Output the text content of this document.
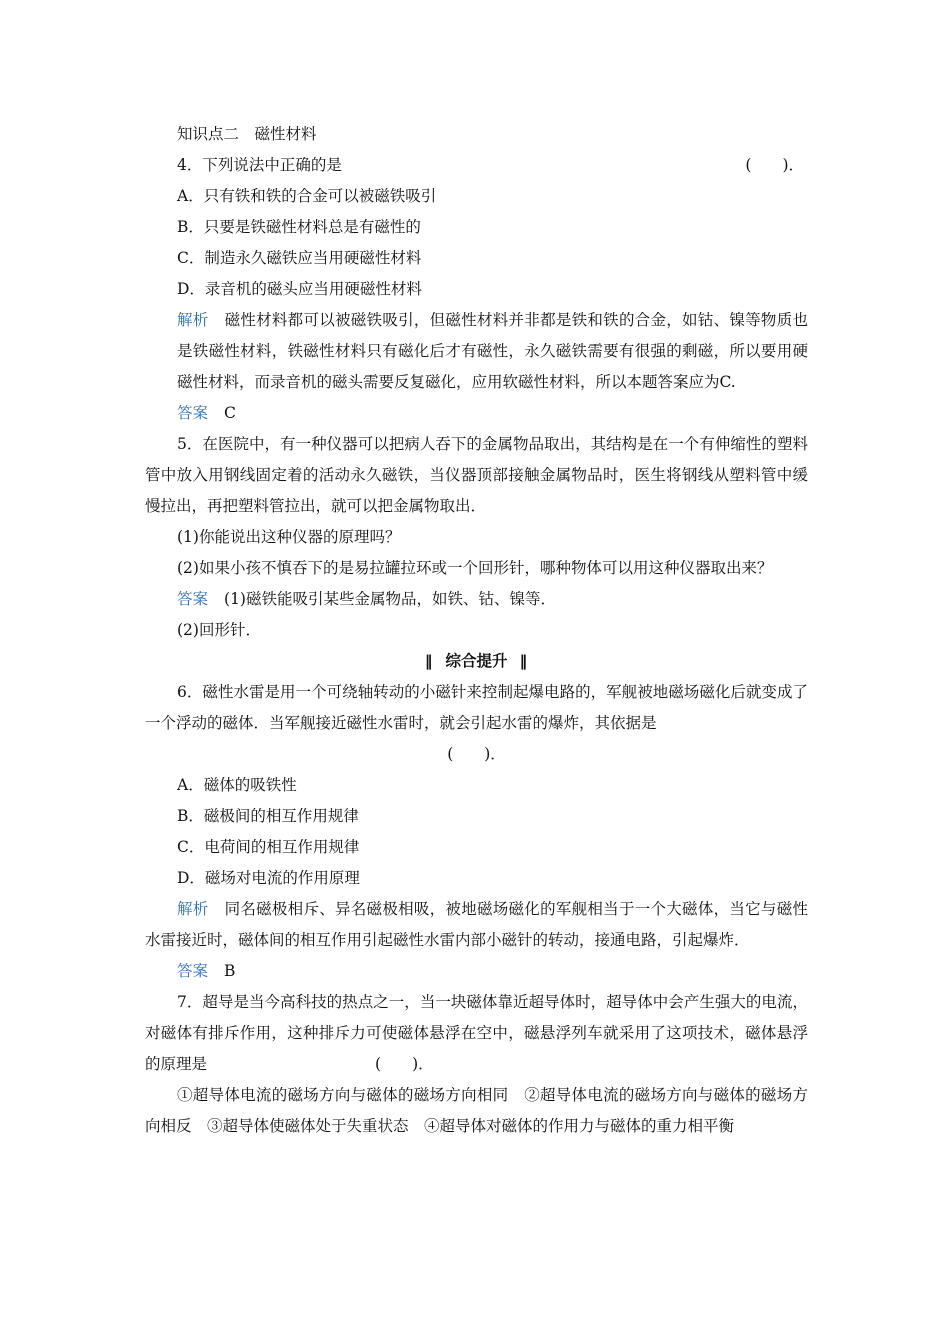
知识点二　磁性材料
4．下列说法中正确的是	(　　)．
A．只有铁和铁的合金可以被磁铁吸引
B．只要是铁磁性材料总是有磁性的
C．制造永久磁铁应当用硬磁性材料
D．录音机的磁头应当用硬磁性材料
解析 磁性材料都可以被磁铁吸引，但磁性材料并非都是铁和铁的合金，如钴、镍等物质也是铁磁性材料，铁磁性材料只有磁化后才有磁性，永久磁铁需要有很强的剩磁，所以要用硬磁性材料，而录音机的磁头需要反复磁化，应用软磁性材料，所以本题答案应为C.
答案 C
5．在医院中，有一种仪器可以把病人吞下的金属物品取出，其结构是在一个有伸缩性的塑料管中放入用钢线固定着的活动永久磁铁，当仪器顶部接触金属物品时，医生将钢线从塑料管中缓慢拉出，再把塑料管拉出，就可以把金属物取出．
(1)你能说出这种仪器的原理吗？
(2)如果小孩不慎吞下的是易拉罐拉环或一个回形针，哪种物体可以用这种仪器取出来？
答案 (1)磁铁能吸引某些金属物品，如铁、钴、镍等．
(2)回形针．
‖ 综合提升 ‖
6．磁性水雷是用一个可绕轴转动的小磁针来控制起爆电路的，军舰被地磁场磁化后就变成了一个浮动的磁体．当军舰接近磁性水雷时，就会引起水雷的爆炸，其依据是
(　　)．
A．磁体的吸铁性
B．磁极间的相互作用规律
C．电荷间的相互作用规律
D．磁场对电流的作用原理
解析 同名磁极相斥、异名磁极相吸，被地磁场磁化的军舰相当于一个大磁体，当它与磁性水雷接近时，磁体间的相互作用引起磁性水雷内部小磁针的转动，接通电路，引起爆炸．
答案 B
7．超导是当今高科技的热点之一，当一块磁体靠近超导体时，超导体中会产生强大的电流，对磁体有排斥作用，这种排斥力可使磁体悬浮在空中，磁悬浮列车就采用了这项技术，磁体悬浮的原理是	(　　)．
①超导体电流的磁场方向与磁体的磁场方向相同　②超导体电流的磁场方向与磁体的磁场方向相反　③超导体使磁体处于失重状态　④超导体对磁体的作用力与磁体的重力相平衡
